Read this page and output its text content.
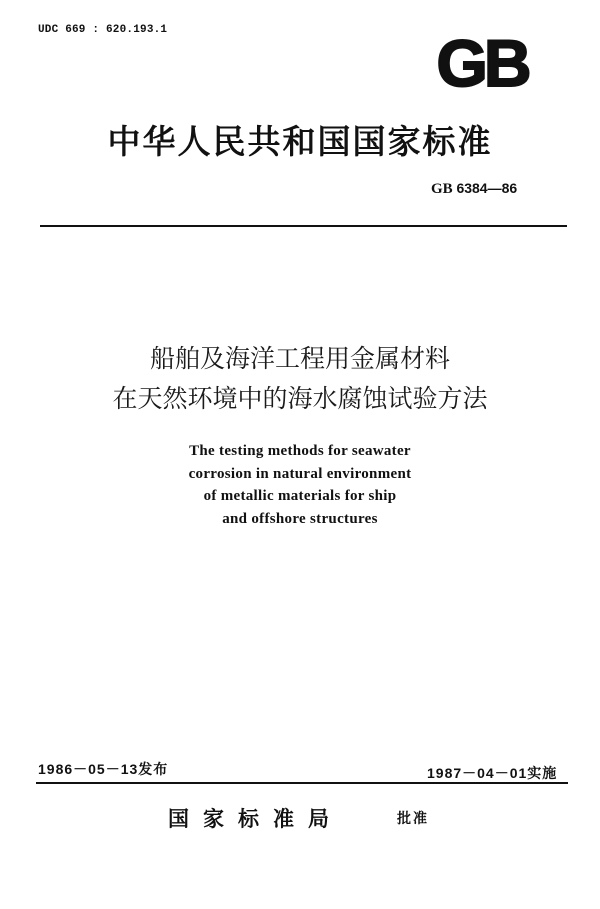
UDC 669 : 620.193.1	GB
中华人民共和国国家标准
GB 6384—86
船舶及海洋工程用金属材料
在天然环境中的海水腐蚀试验方法
The testing methods for seawater
corrosion in natural environment
of metallic materials for ship
and offshore structures
1986－05－13发布	1987－04－01实施
国家标准局	批准
